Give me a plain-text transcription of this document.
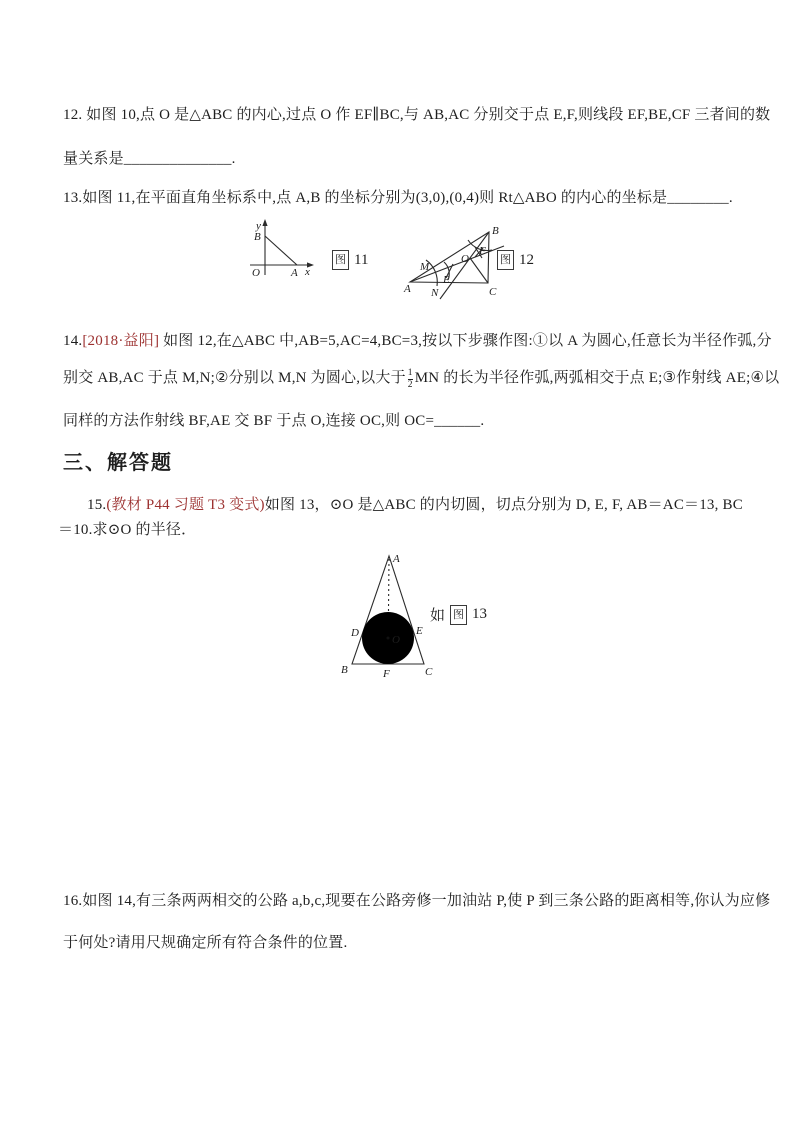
12. 如图 10,点 O 是△ABC 的内心,过点 O 作 EF∥BC,与 AB,AC 分别交于点 E,F,则线段 EF,BE,CF 三者间的数
量关系是______________.
13.如图 11,在平面直角坐标系中,点 A,B 的坐标分别为(3,0),(0,4)则 Rt△ABO 的内心的坐标是________.
y
B
O	A x
图 11
A
B
C
M
N
E
O
F
图 12
14.[2018·益阳] 如图 12,在△ABC 中,AB=5,AC=4,BC=3,按以下步骤作图:①以 A 为圆心,任意长为半径作弧,分
别交 AB,AC 于点 M,N;②分别以 M,N 为圆心,以大于 $\frac{1}{2}$ MN 的长为半径作弧,两弧相交于点 E;③作射线 AE;④以
同样的方法作射线 BF,AE 交 BF 于点 O,连接 OC,则 OC=______.
三、解答题
15.(教材 P44 习题 T3 变式)如图 13，⊙O 是△ABC 的内切圆，切点分别为 D, E, F, AB＝AC＝13, BC
＝10.求⊙O 的半径．
A
B	C
D	E
F
O
如 图 13
16.如图 14,有三条两两相交的公路 a,b,c,现要在公路旁修一加油站 P,使 P 到三条公路的距离相等,你认为应修
于何处?请用尺规确定所有符合条件的位置.
